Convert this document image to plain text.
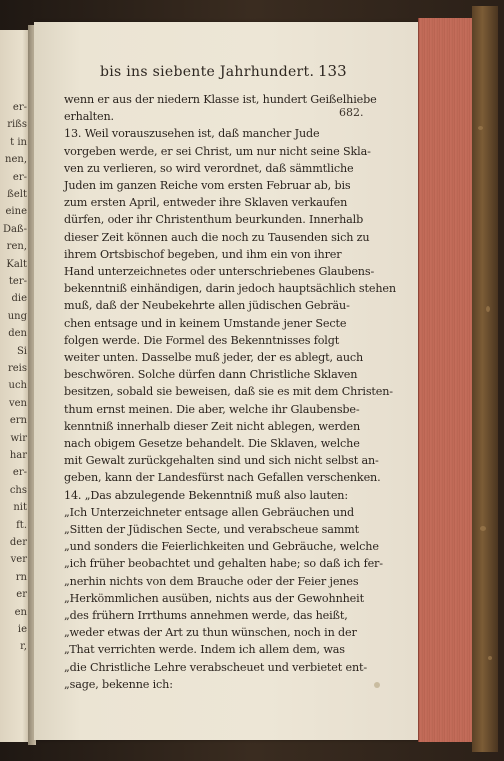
er-
rißs
t in
nen,
er-
ßelt
eine
Daß-
ren,
Kalt
ter-
die
ung
den
Si
reis
uch
ven
ern
wir
har
er-
chs
nit
ft.
der
ver
rn
er
en
ie
r,
bis ins siebente Jahrhundert. 133
682.
wenn er aus der niedern Klasse ist, hundert Geißelhiebe
erhalten.
13. Weil vorauszusehen ist, daß mancher Jude
vorgeben werde, er sei Christ, um nur nicht seine Skla-
ven zu verlieren, so wird verordnet, daß sämmtliche
Juden im ganzen Reiche vom ersten Februar ab, bis
zum ersten April, entweder ihre Sklaven verkaufen
dürfen, oder ihr Christenthum beurkunden. Innerhalb
dieser Zeit können auch die noch zu Tausenden sich zu
ihrem Ortsbischof begeben, und ihm ein von ihrer
Hand unterzeichnetes oder unterschriebenes Glaubens-
bekenntniß einhändigen, darin jedoch hauptsächlich stehen
muß, daß der Neubekehrte allen jüdischen Gebräu-
chen entsage und in keinem Umstande jener Secte
folgen werde. Die Formel des Bekenntnisses folgt
weiter unten. Dasselbe muß jeder, der es ablegt, auch
beschwören. Solche dürfen dann Christliche Sklaven
besitzen, sobald sie beweisen, daß sie es mit dem Christen-
thum ernst meinen. Die aber, welche ihr Glaubensbe-
kenntniß innerhalb dieser Zeit nicht ablegen, werden
nach obigem Gesetze behandelt. Die Sklaven, welche
mit Gewalt zurückgehalten sind und sich nicht selbst an-
geben, kann der Landesfürst nach Gefallen verschenken.
14. „Das abzulegende Bekenntniß muß also lauten:
„Ich Unterzeichneter entsage allen Gebräuchen und
„Sitten der Jüdischen Secte, und verabscheue sammt
„und sonders die Feierlichkeiten und Gebräuche, welche
„ich früher beobachtet und gehalten habe; so daß ich fer-
„nerhin nichts von dem Brauche oder der Feier jenes
„Herkömmlichen ausüben, nichts aus der Gewohnheit
„des frühern Irrthums annehmen werde, das heißt,
„weder etwas der Art zu thun wünschen, noch in der
„That verrichten werde. Indem ich allem dem, was
„die Christliche Lehre verabscheuet und verbietet ent-
„sage, bekenne ich:
